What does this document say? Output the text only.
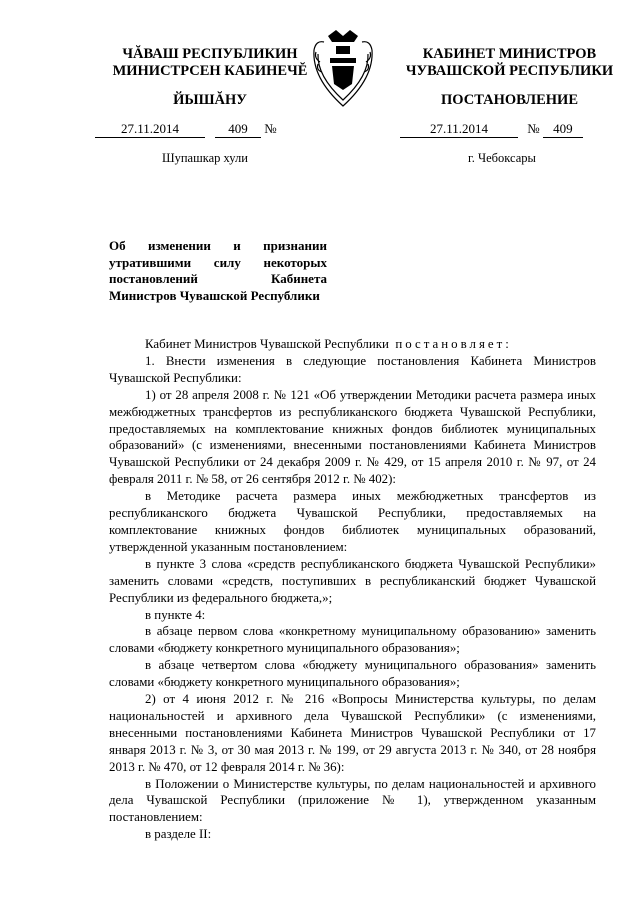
ЧĂВАШ РЕСПУБЛИКИН
МИНИСТРСЕН КАБИНЕЧĔ
ЙЫШĂНУ
КАБИНЕТ МИНИСТРОВ
ЧУВАШСКОЙ РЕСПУБЛИКИ
ПОСТАНОВЛЕНИЕ
27.11.2014	409 №	27.11.2014	№ 409
Шупашкар хули	г. Чебоксары
Об изменении и признании утратившими силу некоторых постановлений Кабинета Министров Чувашской Республики

Кабинет Министров Чувашской Республики постановляет:

1. Внести изменения в следующие постановления Кабинета Министров Чувашской Республики:

1) от 28 апреля 2008 г. № 121 «Об утверждении Методики расчета размера иных межбюджетных трансфертов из республиканского бюджета Чувашской Республики, предоставляемых на комплектование книжных фондов библиотек муниципальных образований» (с изменениями, внесенными постановлениями Кабинета Министров Чувашской Республики от 24 декабря 2009 г. № 429, от 15 апреля 2010 г. № 97, от 24 февраля 2011 г. № 58, от 26 сентября 2012 г. № 402):

в Методике расчета размера иных межбюджетных трансфертов из республиканского бюджета Чувашской Республики, предоставляемых на комплектование книжных фондов библиотек муниципальных образований, утвержденной указанным постановлением:

в пункте 3 слова «средств республиканского бюджета Чувашской Республики» заменить словами «средств, поступивших в республиканский бюджет Чувашской Республики из федерального бюджета,»;

в пункте 4:

в абзаце первом слова «конкретному муниципальному образованию» заменить словами «бюджету конкретного муниципального образования»;

в абзаце четвертом слова «бюджету муниципального образования» заменить словами «бюджету конкретного муниципального образования»;

2) от 4 июня 2012 г. № 216 «Вопросы Министерства культуры, по делам национальностей и архивного дела Чувашской Республики» (с изменениями, внесенными постановлениями Кабинета Министров Чувашской Республики от 17 января 2013 г. № 3, от 30 мая 2013 г. № 199, от 29 августа 2013 г. № 340, от 28 ноября 2013 г. № 470, от 12 февраля 2014 г. № 36):

в Положении о Министерстве культуры, по делам национальностей и архивного дела Чувашской Республики (приложение № 1), утвержденном указанным постановлением:

в разделе II:
